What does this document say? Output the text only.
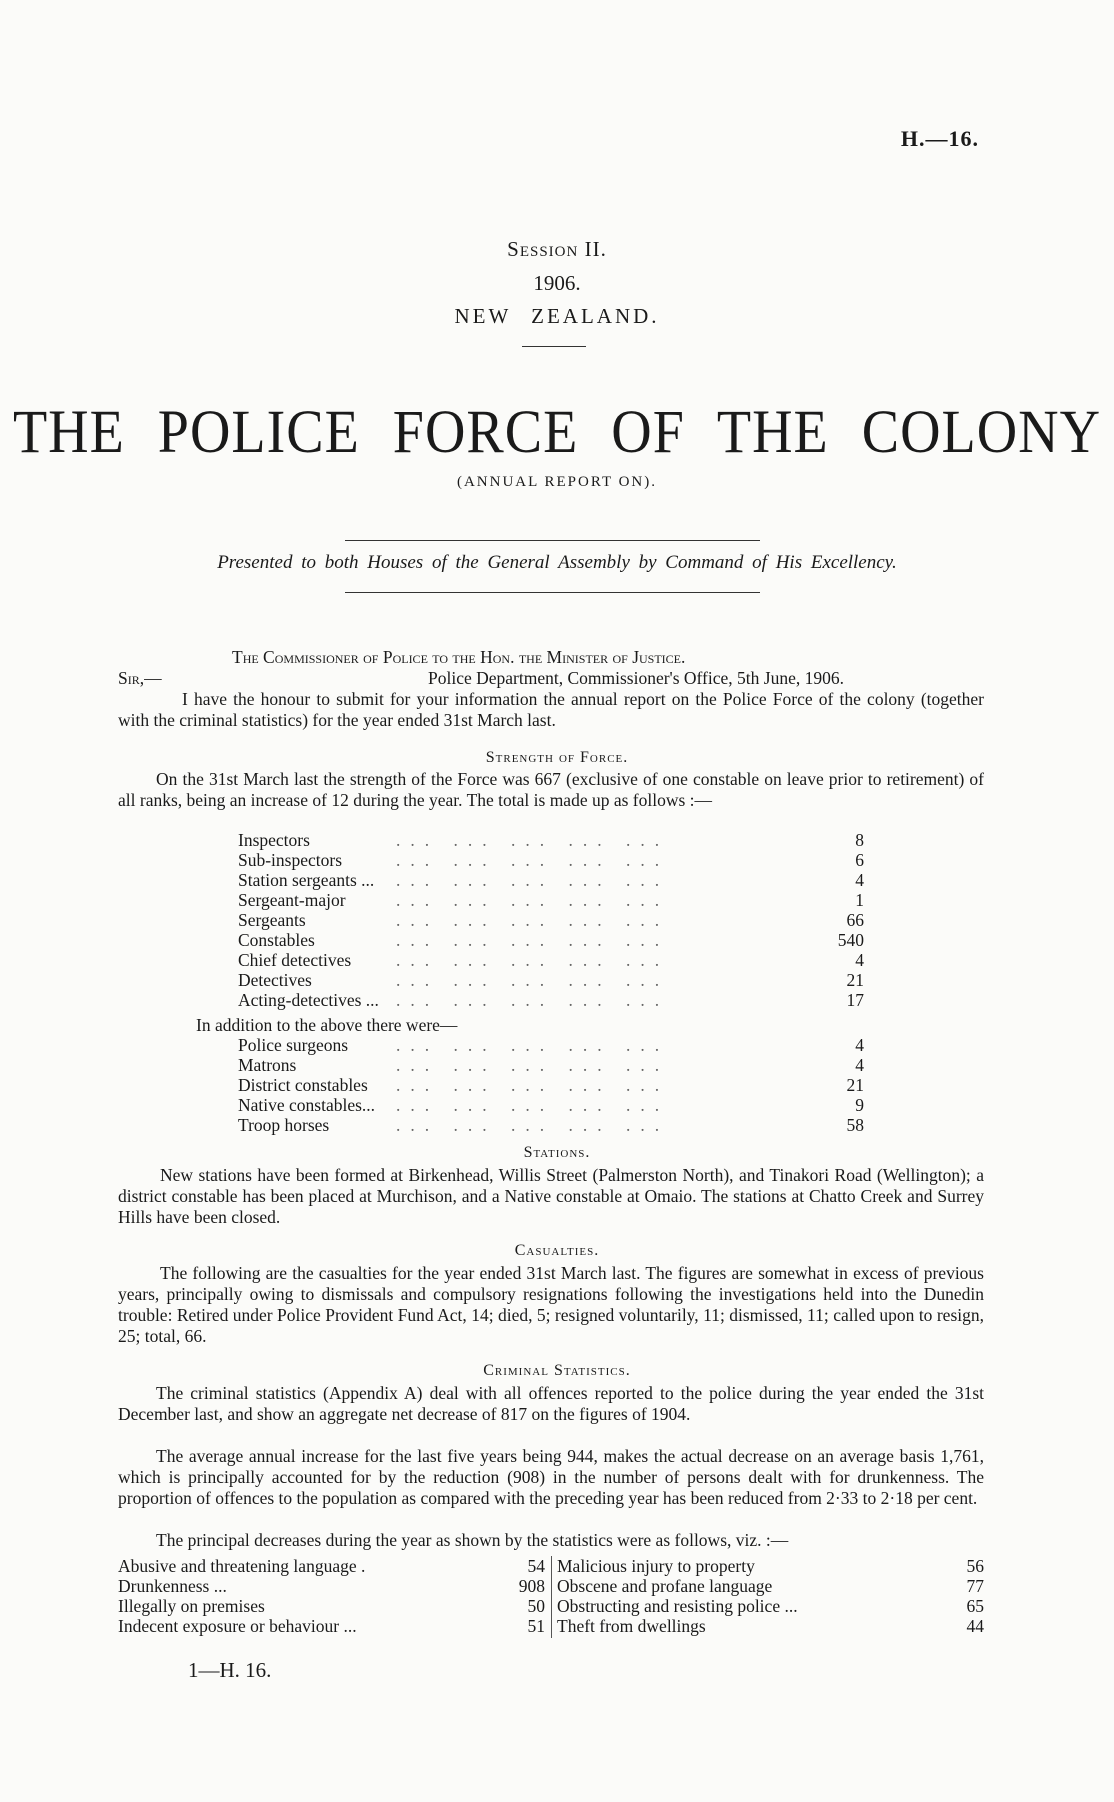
H.—16.
Session II.
1906.
NEW ZEALAND.
THE POLICE FORCE OF THE COLONY
(ANNUAL REPORT ON).
Presented to both Houses of the General Assembly by Command of His Excellency.
The Commissioner of Police to the Hon. the Minister of Justice.
Sir,—	Police Department, Commissioner's Office, 5th June, 1906.
I have the honour to submit for your information the annual report on the Police Force of the colony (together with the criminal statistics) for the year ended 31st March last.
Strength of Force.
On the 31st March last the strength of the Force was 667 (exclusive of one constable on leave prior to retirement) of all ranks, being an increase of 12 during the year. The total is made up as follows :—
Inspectors	... ... ... ... ...	8
Sub-inspectors	... ... ... ... ...	6
Station sergeants ... ... ... ... ... ...	4
Sergeant-major	... ... ... ... ...	1
Sergeants	... ... ... ... ...	66
Constables	... ... ... ... ...	540
Chief detectives	... ... ... ... ...	4
Detectives	... ... ... ... ...	21
Acting-detectives ... ... ... ... ... ...	17
In addition to the above there were—
Police surgeons	... ... ... ... ...	4
Matrons	... ... ... ... ...	4
District constables ... ... ... ... ...	21
Native constables... ... ... ... ... ...	9
Troop horses	... ... ... ... ...	58
Stations.
New stations have been formed at Birkenhead, Willis Street (Palmerston North), and Tinakori Road (Wellington); a district constable has been placed at Murchison, and a Native constable at Omaio. The stations at Chatto Creek and Surrey Hills have been closed.
Casualties.
The following are the casualties for the year ended 31st March last. The figures are somewhat in excess of previous years, principally owing to dismissals and compulsory resignations following the investigations held into the Dunedin trouble: Retired under Police Provident Fund Act, 14; died, 5; resigned voluntarily, 11; dismissed, 11; called upon to resign, 25; total, 66.
Criminal Statistics.
The criminal statistics (Appendix A) deal with all offences reported to the police during the year ended the 31st December last, and show an aggregate net decrease of 817 on the figures of 1904.
The average annual increase for the last five years being 944, makes the actual decrease on an average basis 1,761, which is principally accounted for by the reduction (908) in the number of persons dealt with for drunkenness. The proportion of offences to the population as compared with the preceding year has been reduced from 2·33 to 2·18 per cent.
The principal decreases during the year as shown by the statistics were as follows, viz. :—
Abusive and threatening language .	54
Drunkenness ...	908
Illegally on premises	50
Indecent exposure or behaviour ...	51
Malicious injury to property	56
Obscene and profane language	77
Obstructing and resisting police ...	65
Theft from dwellings	44
1—H. 16.
